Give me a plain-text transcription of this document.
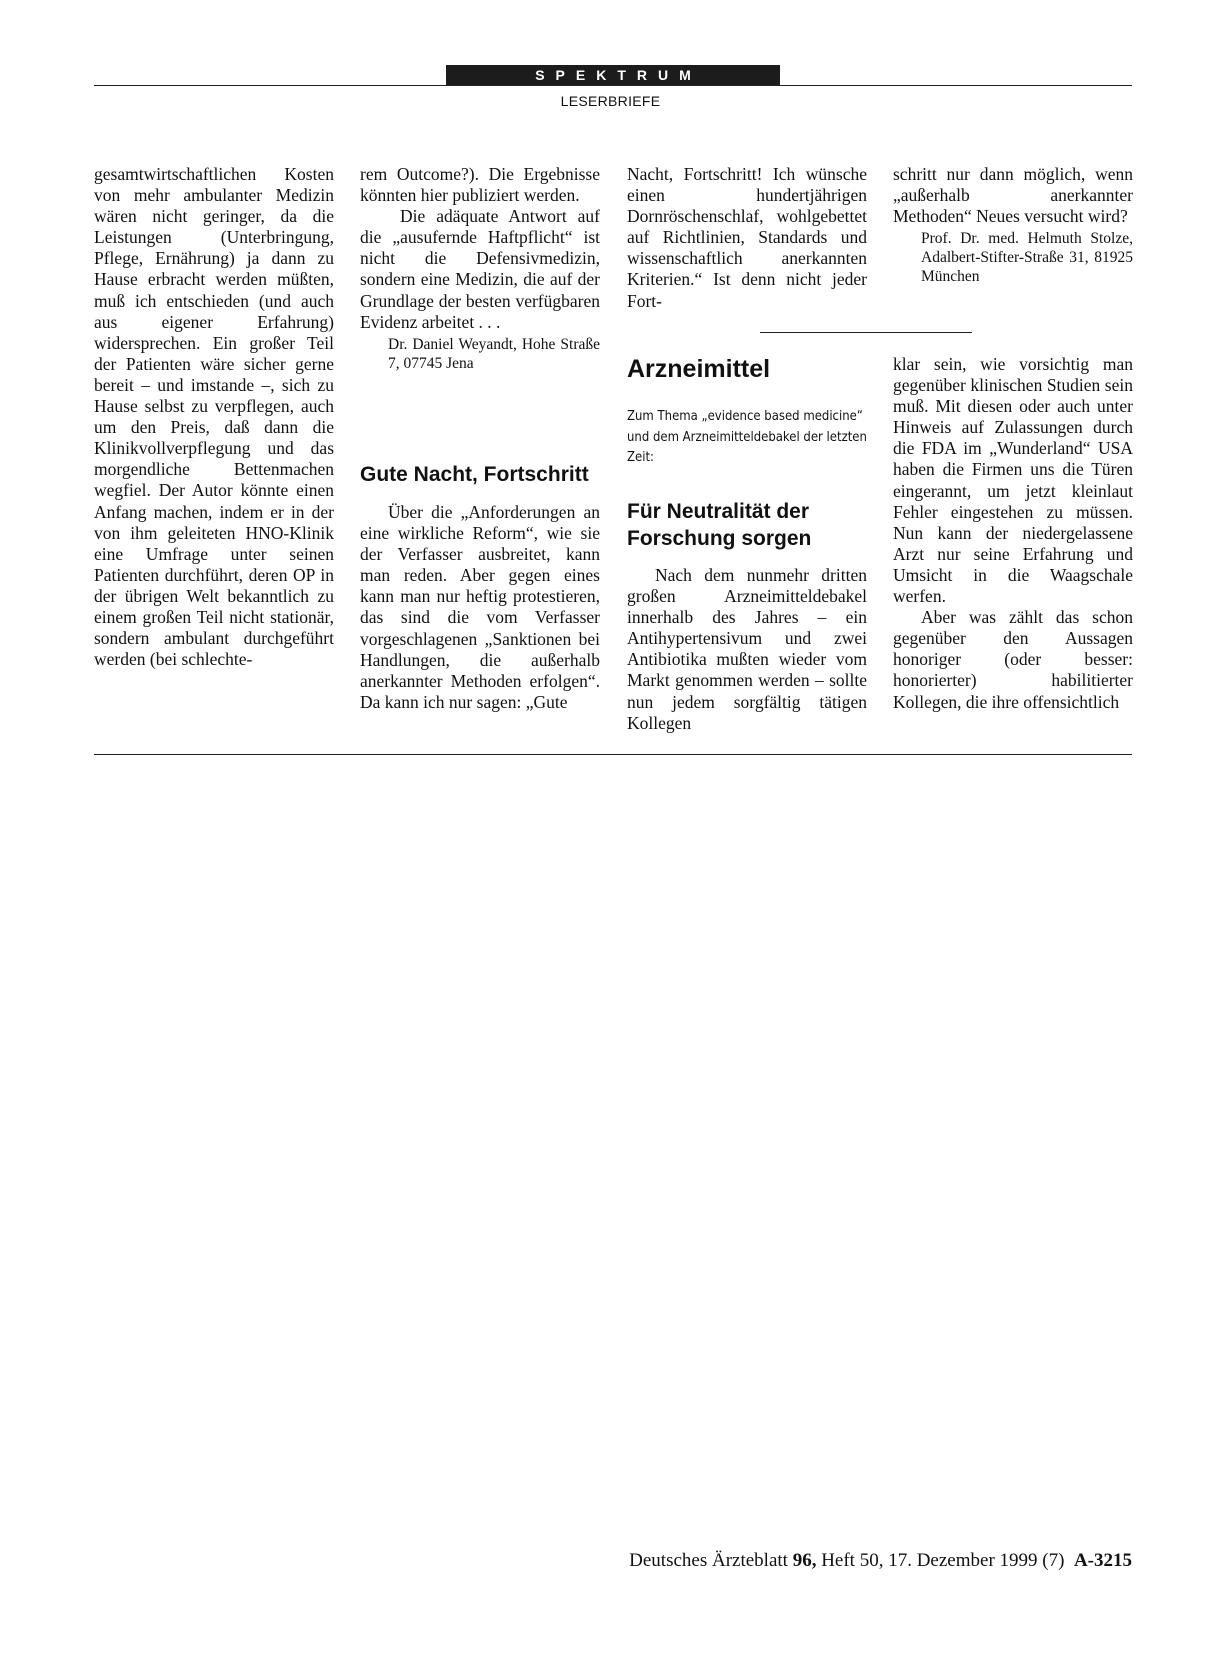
SPEKTRUM
LESERBRIEFE

gesamtwirtschaftlichen Kosten von mehr ambulanter Medizin wären nicht geringer, da die Leistungen (Unterbringung, Pflege, Ernährung) ja dann zu Hause erbracht werden müßten, muß ich entschieden (und auch aus eigener Erfahrung) widersprechen. Ein großer Teil der Patienten wäre sicher gerne bereit – und imstande –, sich zu Hause selbst zu verpflegen, auch um den Preis, daß dann die Klinikvollverpflegung und das morgendliche Bettenmachen wegfiel. Der Autor könnte einen Anfang machen, indem er in der von ihm geleiteten HNO-Klinik eine Umfrage unter seinen Patienten durchführt, deren OP in der übrigen Welt bekanntlich zu einem großen Teil nicht stationär, sondern ambulant durchgeführt werden (bei schlechte-

rem Outcome?). Die Ergebnisse könnten hier publiziert werden.

Die adäquate Antwort auf die „ausufernde Haftpflicht“ ist nicht die Defensivmedizin, sondern eine Medizin, die auf der Grundlage der besten verfügbaren Evidenz arbeitet . . .

Dr. Daniel Weyandt, Hohe Straße 7, 07745 Jena

Gute Nacht, Fortschritt

Über die „Anforderungen an eine wirkliche Reform“, wie sie der Verfasser ausbreitet, kann man reden. Aber gegen eines kann man nur heftig protestieren, das sind die vom Verfasser vorgeschlagenen „Sanktionen bei Handlungen, die außerhalb anerkannter Methoden erfolgen“. Da kann ich nur sagen: „Gute

Nacht, Fortschritt! Ich wünsche einen hundertjährigen Dornröschenschlaf, wohlgebettet auf Richtlinien, Standards und wissenschaftlich anerkannten Kriterien.“ Ist denn nicht jeder Fort-

schritt nur dann möglich, wenn „außerhalb anerkannter Methoden“ Neues versucht wird?

Prof. Dr. med. Helmuth Stolze, Adalbert-Stifter-Straße 31, 81925 München

Arzneimittel
Zum Thema „evidence based medicine“ und dem Arzneimitteldebakel der letzten Zeit:
Für Neutralität der Forschung sorgen

Nach dem nunmehr dritten großen Arzneimitteldebakel innerhalb des Jahres – ein Antihypertensivum und zwei Antibiotika mußten wieder vom Markt genommen werden – sollte nun jedem sorgfältig tätigen Kollegen

klar sein, wie vorsichtig man gegenüber klinischen Studien sein muß. Mit diesen oder auch unter Hinweis auf Zulassungen durch die FDA im „Wunderland“ USA haben die Firmen uns die Türen eingerannt, um jetzt kleinlaut Fehler eingestehen zu müssen. Nun kann der niedergelassene Arzt nur seine Erfahrung und Umsicht in die Waagschale werfen.

Aber was zählt das schon gegenüber den Aussagen honoriger (oder besser: honorierter) habilitierter Kollegen, die ihre offensichtlich

Deutsches Ärzteblatt 96, Heft 50, 17. Dezember 1999 (7) A-3215
